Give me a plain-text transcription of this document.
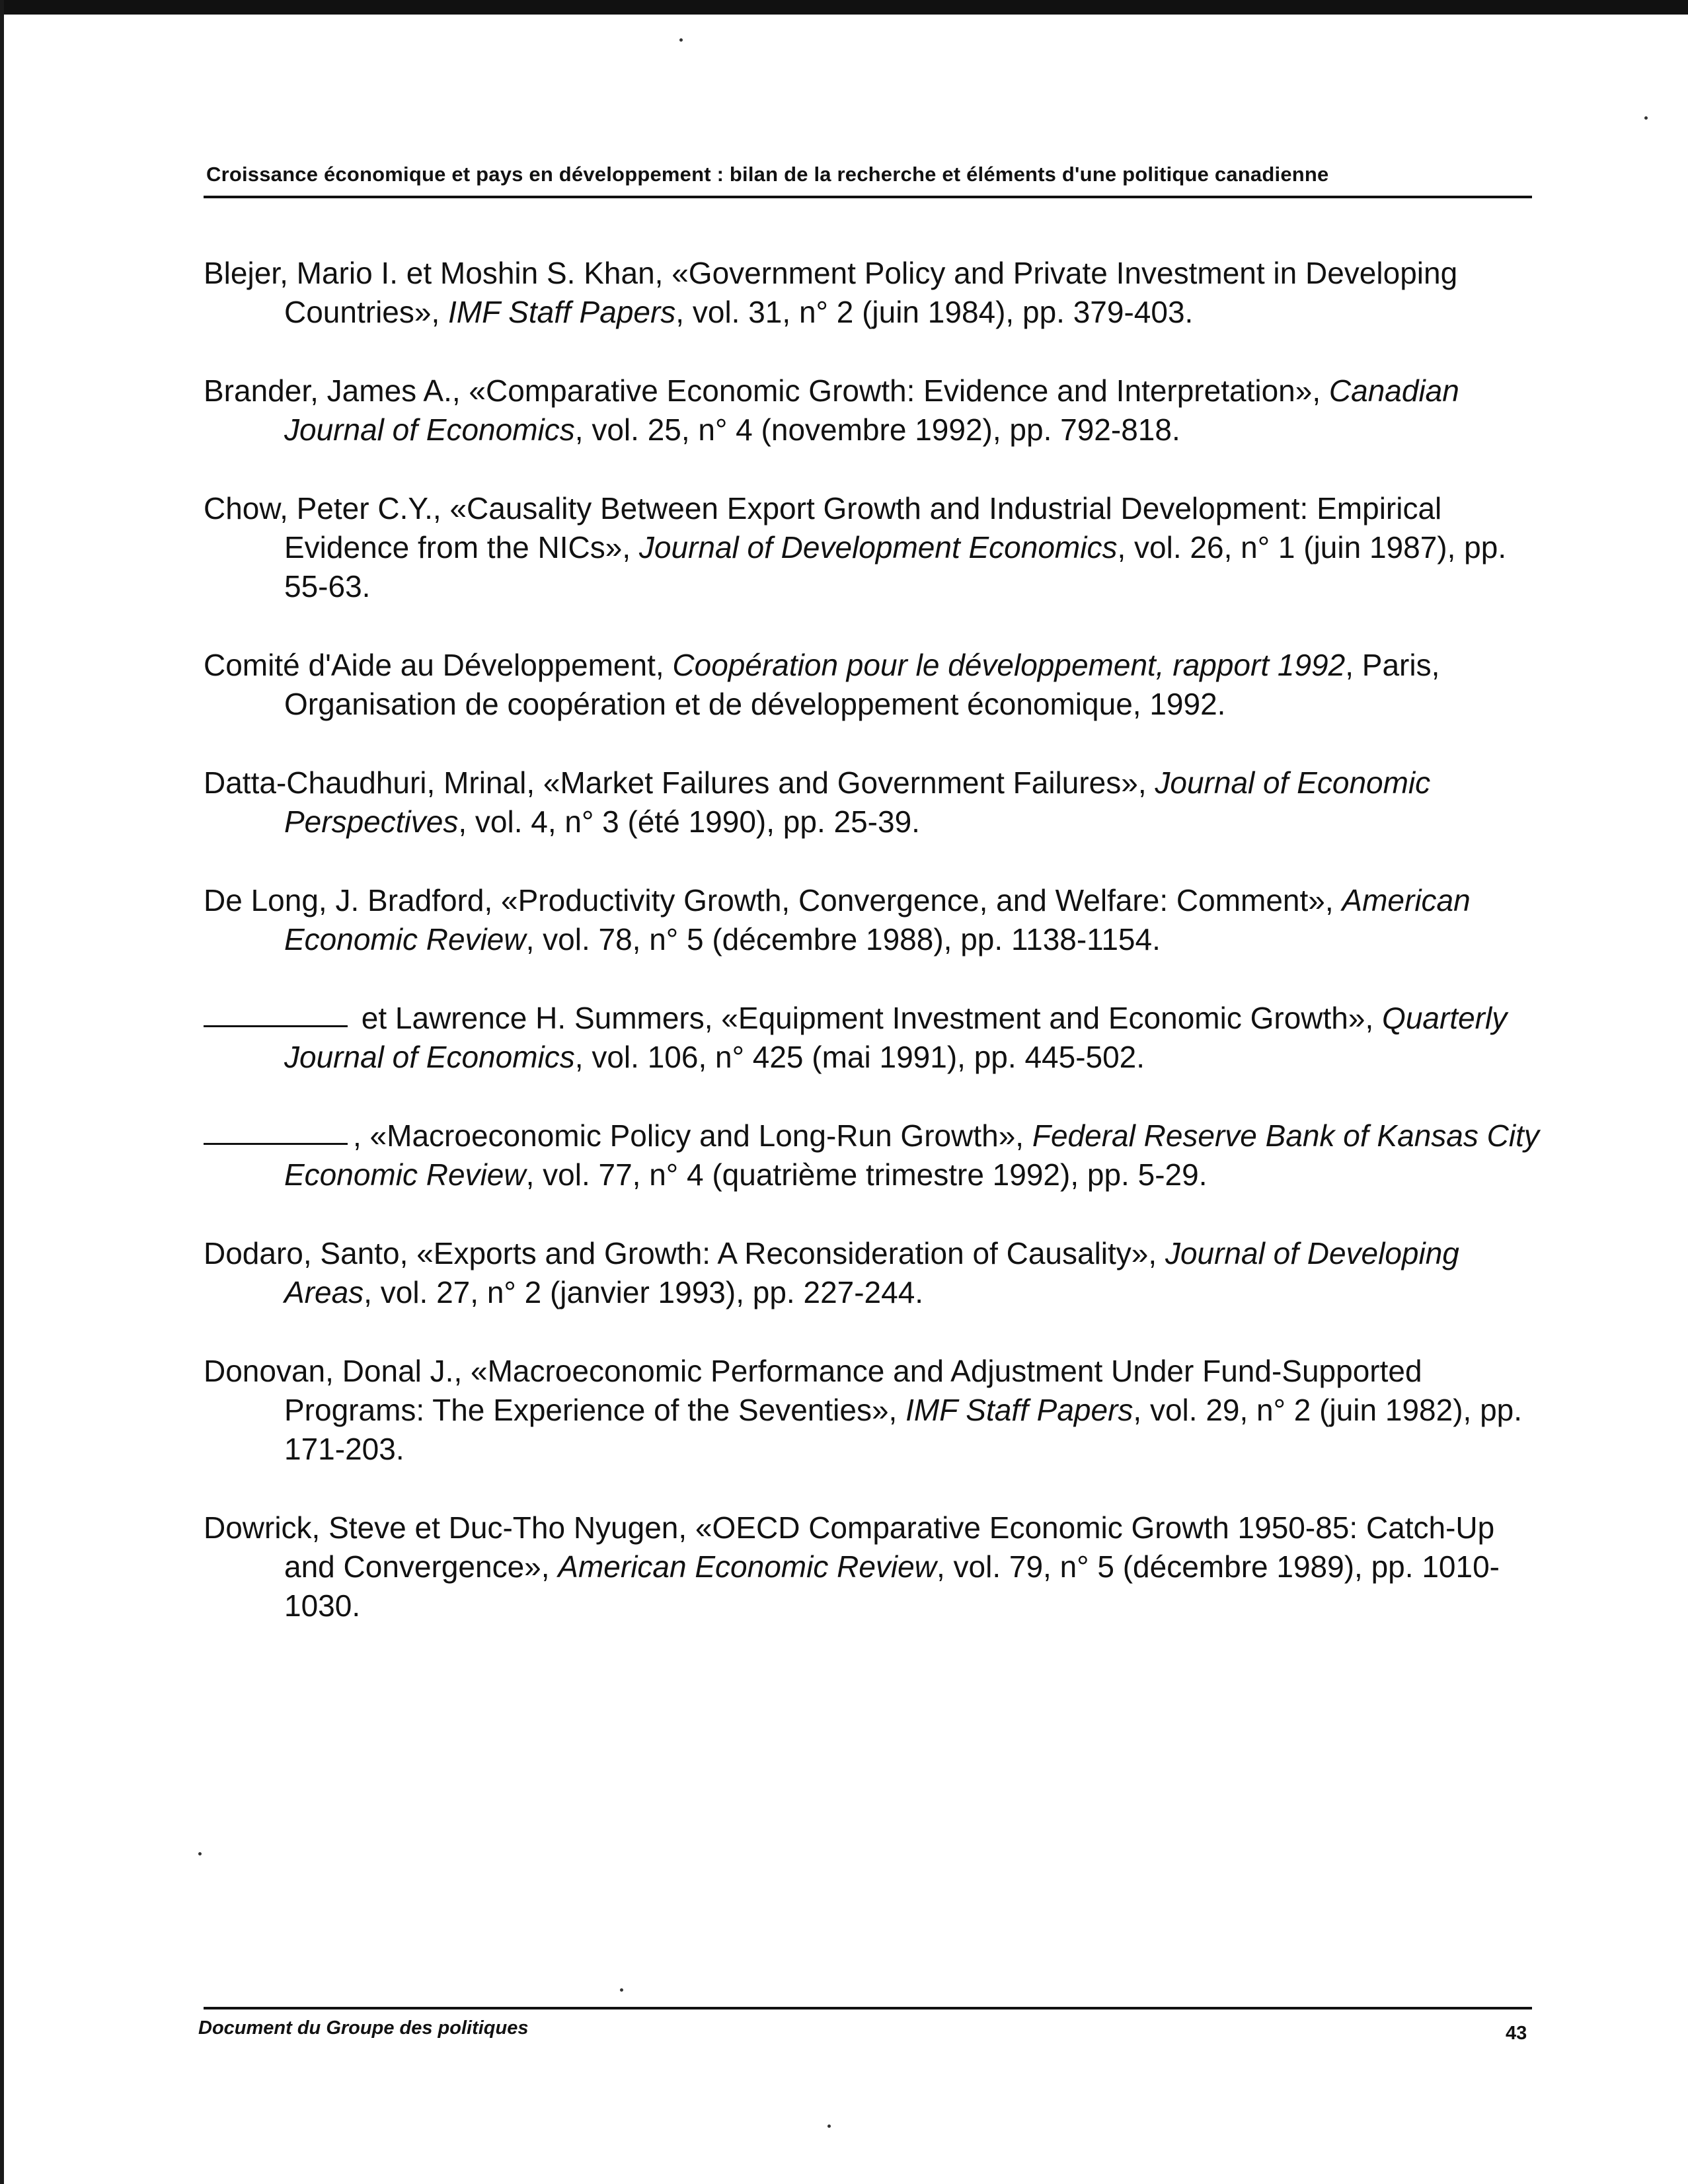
Croissance économique et pays en développement : bilan de la recherche et éléments d'une politique canadienne

Blejer, Mario I. et Moshin S. Khan, «Government Policy and Private Investment in Developing Countries», IMF Staff Papers, vol. 31, n° 2 (juin 1984), pp. 379-403.

Brander, James A., «Comparative Economic Growth: Evidence and Interpretation», Canadian Journal of Economics, vol. 25, n° 4 (novembre 1992), pp. 792-818.

Chow, Peter C.Y., «Causality Between Export Growth and Industrial Development: Empirical Evidence from the NICs», Journal of Development Economics, vol. 26, n° 1 (juin 1987), pp. 55-63.

Comité d'Aide au Développement, Coopération pour le développement, rapport 1992, Paris, Organisation de coopération et de développement économique, 1992.

Datta-Chaudhuri, Mrinal, «Market Failures and Government Failures», Journal of Economic Perspectives, vol. 4, n° 3 (été 1990), pp. 25-39.

De Long, J. Bradford, «Productivity Growth, Convergence, and Welfare: Comment», American Economic Review, vol. 78, n° 5 (décembre 1988), pp. 1138-1154.

et Lawrence H. Summers, «Equipment Investment and Economic Growth», Quarterly Journal of Economics, vol. 106, n° 425 (mai 1991), pp. 445-502.

, «Macroeconomic Policy and Long-Run Growth», Federal Reserve Bank of Kansas City Economic Review, vol. 77, n° 4 (quatrième trimestre 1992), pp. 5-29.

Dodaro, Santo, «Exports and Growth: A Reconsideration of Causality», Journal of Developing Areas, vol. 27, n° 2 (janvier 1993), pp. 227-244.

Donovan, Donal J., «Macroeconomic Performance and Adjustment Under Fund-Supported Programs: The Experience of the Seventies», IMF Staff Papers, vol. 29, n° 2 (juin 1982), pp. 171-203.

Dowrick, Steve et Duc-Tho Nyugen, «OECD Comparative Economic Growth 1950-85: Catch-Up and Convergence», American Economic Review, vol. 79, n° 5 (décembre 1989), pp. 1010-1030.

Document du Groupe des politiques	43
